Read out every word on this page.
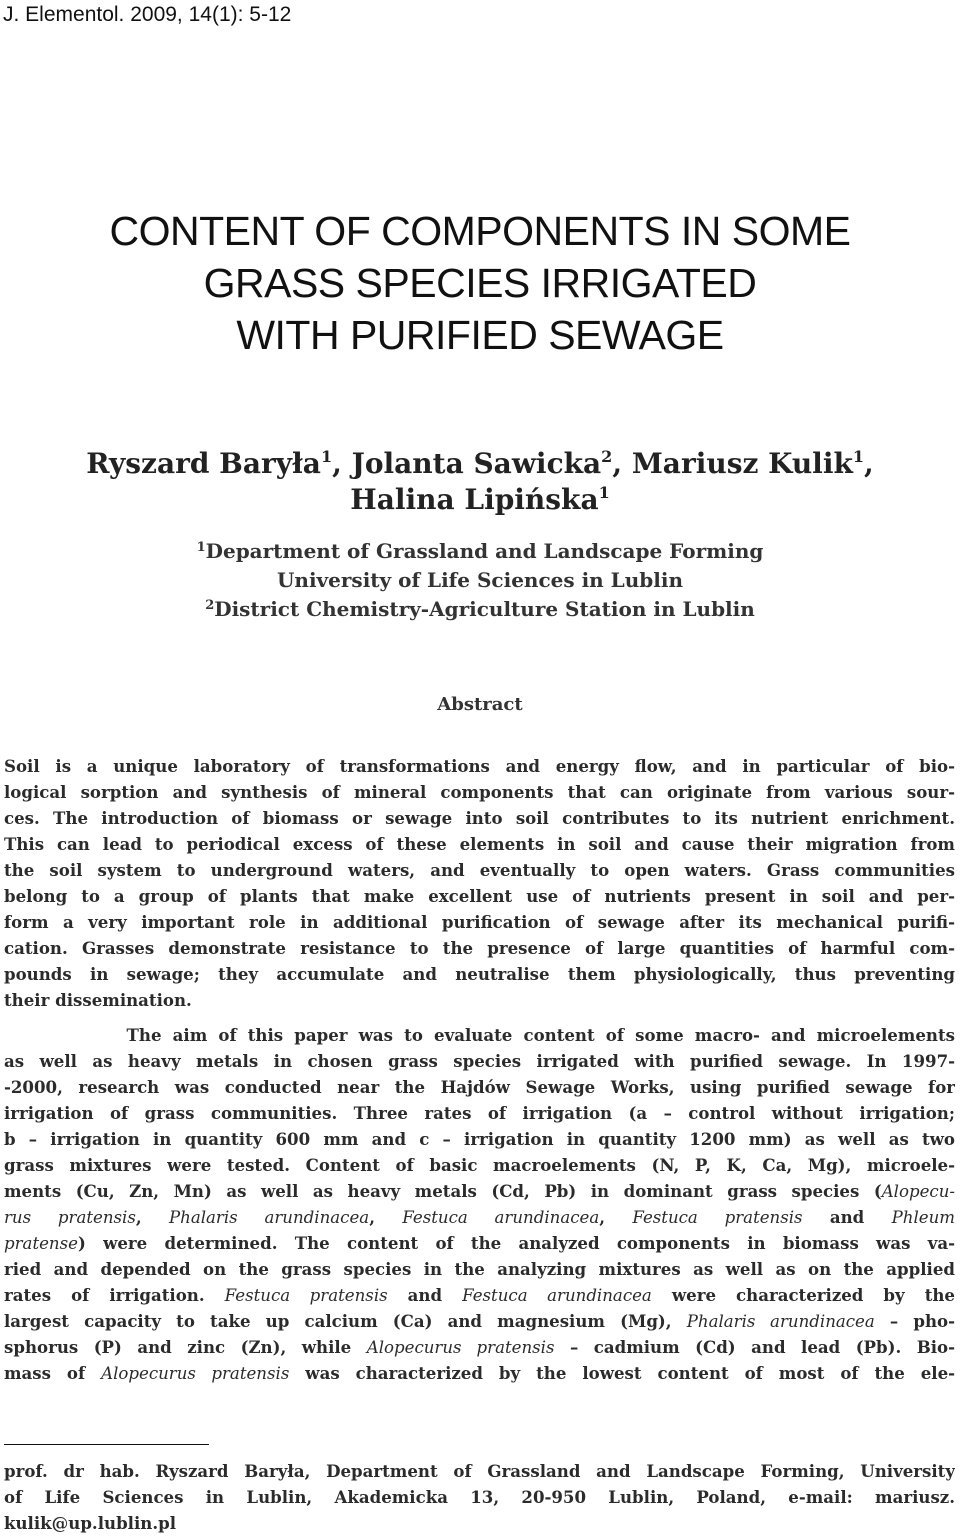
J. Elementol. 2009, 14(1): 5-12
CONTENT OF COMPONENTS IN SOME
GRASS SPECIES IRRIGATED
WITH PURIFIED SEWAGE
Ryszard Baryła$^1$, Jolanta Sawicka$^2$, Mariusz Kulik$^1$,
Halina Lipińska$^1$
$^1$Department of Grassland and Landscape Forming
University of Life Sciences in Lublin
$^2$District Chemistry-Agriculture Station in Lublin
Abstract
Soil is a unique laboratory of transformations and energy flow, and in particular of bio-
logical sorption and synthesis of mineral components that can originate from various sour-
ces. The introduction of biomass or sewage into soil contributes to its nutrient enrichment.
This can lead to periodical excess of these elements in soil and cause their migration from
the soil system to underground waters, and eventually to open waters. Grass communities
belong to a group of plants that make excellent use of nutrients present in soil and per-
form a very important role in additional purification of sewage after its mechanical purifi-
cation. Grasses demonstrate resistance to the presence of large quantities of harmful com-
pounds in sewage; they accumulate and neutralise them physiologically, thus preventing
their dissemination.
The aim of this paper was to evaluate content of some macro- and microelements
as well as heavy metals in chosen grass species irrigated with purified sewage. In 1997-
-2000, research was conducted near the Hajdów Sewage Works, using purified sewage for
irrigation of grass communities. Three rates of irrigation (a – control without irrigation;
b – irrigation in quantity 600 mm and c – irrigation in quantity 1200 mm) as well as two
grass mixtures were tested. Content of basic macroelements (N, P, K, Ca, Mg), microele-
ments (Cu, Zn, Mn) as well as heavy metals (Cd, Pb) in dominant grass species (Alopecu-
rus pratensis, Phalaris arundinacea, Festuca arundinacea, Festuca pratensis and Phleum
pratense) were determined. The content of the analyzed components in biomass was va-
ried and depended on the grass species in the analyzing mixtures as well as on the applied
rates of irrigation. Festuca pratensis and Festuca arundinacea were characterized by the
largest capacity to take up calcium (Ca) and magnesium (Mg), Phalaris arundinacea – pho-
sphorus (P) and zinc (Zn), while Alopecurus pratensis – cadmium (Cd) and lead (Pb). Bio-
mass of Alopecurus pratensis was characterized by the lowest content of most of the ele-
prof. dr hab. Ryszard Baryła, Department of Grassland and Landscape Forming, University
of Life Sciences in Lublin, Akademicka 13, 20-950 Lublin, Poland, e-mail: mariusz.
kulik@up.lublin.pl
